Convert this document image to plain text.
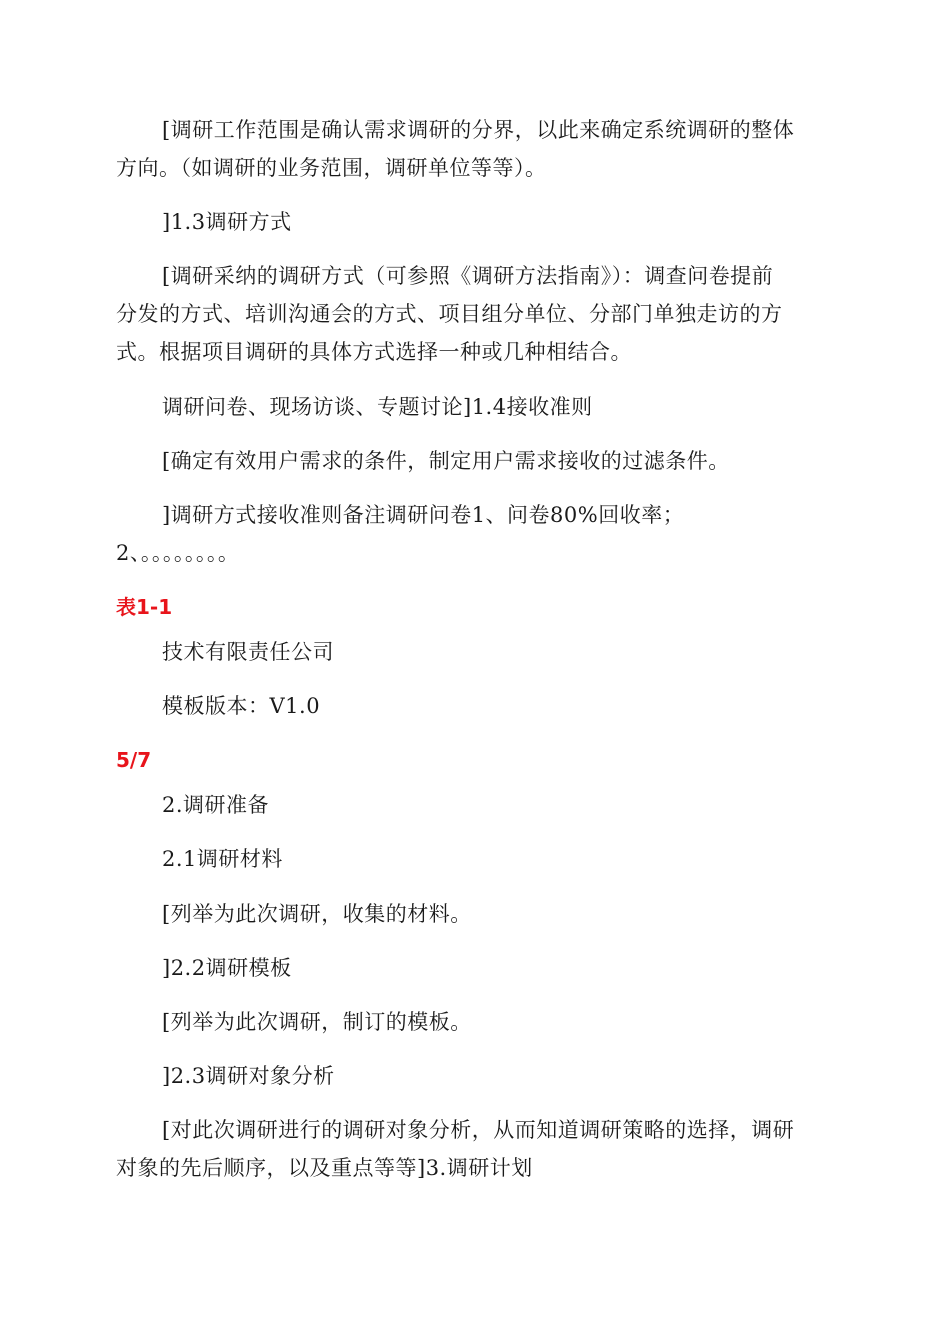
[调研工作范围是确认需求调研的分界，以此来确定系统调研的整体
方向。（如调研的业务范围，调研单位等等）。
]1.3调研方式
[调研采纳的调研方式（可参照《调研方法指南》）：调查问卷提前
分发的方式、培训沟通会的方式、项目组分单位、分部门单独走访的方
式。根据项目调研的具体方式选择一种或几种相结合。
调研问卷、现场访谈、专题讨论]1.4接收准则
[确定有效用户需求的条件，制定用户需求接收的过滤条件。
]调研方式接收准则备注调研问卷1、问卷80%回收率；
2、。。。。。。。。
表1-1
技术有限责任公司
模板版本：V1.0
5/7
2.调研准备
2.1调研材料
[列举为此次调研，收集的材料。
]2.2调研模板
[列举为此次调研，制订的模板。
]2.3调研对象分析
[对此次调研进行的调研对象分析，从而知道调研策略的选择，调研
对象的先后顺序，以及重点等等]3.调研计划
